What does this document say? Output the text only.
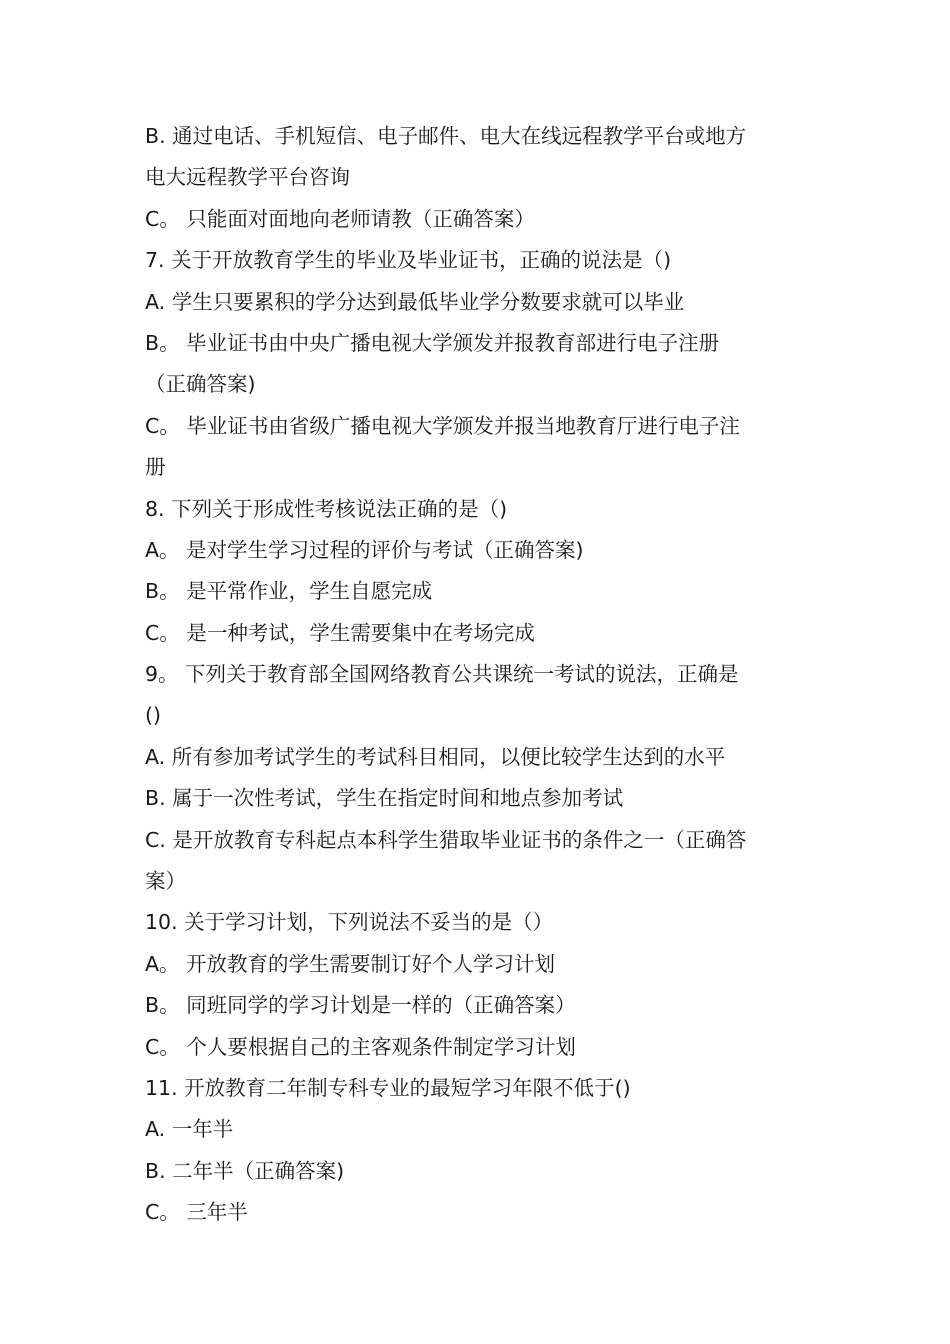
B. 通过电话、手机短信、电子邮件、电大在线远程教学平台或地方
电大远程教学平台咨询
C。 只能面对面地向老师请教（正确答案）
7. 关于开放教育学生的毕业及毕业证书，正确的说法是（)
A. 学生只要累积的学分达到最低毕业学分数要求就可以毕业
B。 毕业证书由中央广播电视大学颁发并报教育部进行电子注册
（正确答案)
C。 毕业证书由省级广播电视大学颁发并报当地教育厅进行电子注
册
8. 下列关于形成性考核说法正确的是（)
A。 是对学生学习过程的评价与考试（正确答案)
B。 是平常作业，学生自愿完成
C。 是一种考试，学生需要集中在考场完成
9。 下列关于教育部全国网络教育公共课统一考试的说法，正确是
()
A. 所有参加考试学生的考试科目相同，以便比较学生达到的水平
B. 属于一次性考试，学生在指定时间和地点参加考试
C. 是开放教育专科起点本科学生猎取毕业证书的条件之一（正确答
案）
10. 关于学习计划，下列说法不妥当的是（）
A。 开放教育的学生需要制订好个人学习计划
B。 同班同学的学习计划是一样的（正确答案）
C。 个人要根据自己的主客观条件制定学习计划
11. 开放教育二年制专科专业的最短学习年限不低于()
A. 一年半
B. 二年半（正确答案)
C。 三年半
